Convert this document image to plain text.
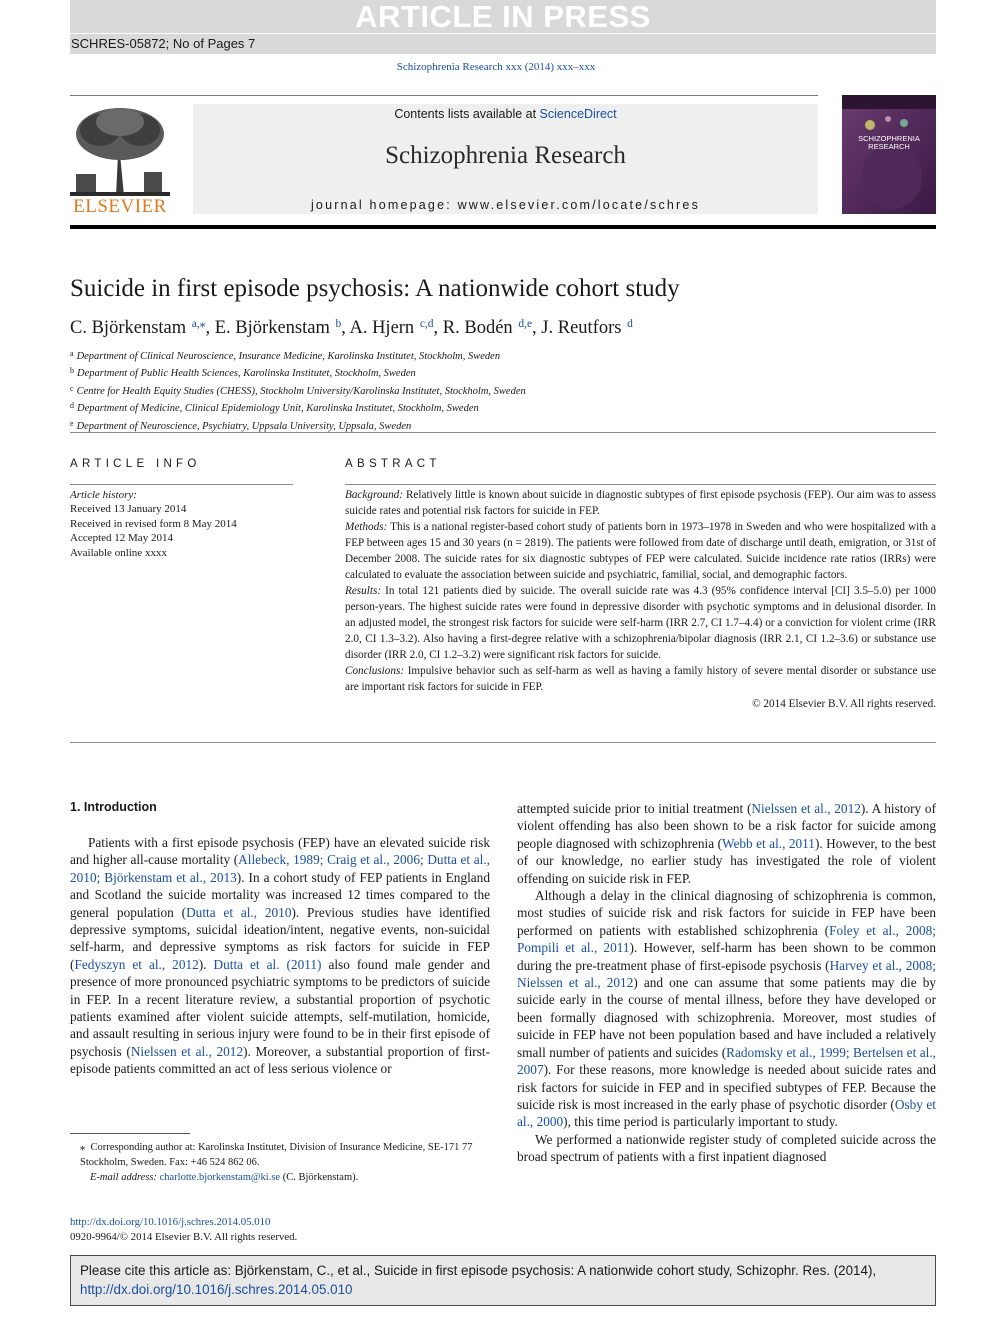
ARTICLE IN PRESS
SCHRES-05872; No of Pages 7
Schizophrenia Research xxx (2014) xxx–xxx
ELSEVIER
Contents lists available at ScienceDirect
Schizophrenia Research
journal homepage: www.elsevier.com/locate/schres
SCHIZOPHRENIA
RESEARCH
Suicide in first episode psychosis: A nationwide cohort study
C. Björkenstam $^{a,⁎}$, E. Björkenstam $^b$, A. Hjern $^{c,d}$, R. Bodén $^{d,e}$, J. Reutfors $^d$
$^a$ Department of Clinical Neuroscience, Insurance Medicine, Karolinska Institutet, Stockholm, Sweden
$^b$ Department of Public Health Sciences, Karolinska Institutet, Stockholm, Sweden
$^c$ Centre for Health Equity Studies (CHESS), Stockholm University/Karolinska Institutet, Stockholm, Sweden
$^d$ Department of Medicine, Clinical Epidemiology Unit, Karolinska Institutet, Stockholm, Sweden
$^e$ Department of Neuroscience, Psychiatry, Uppsala University, Uppsala, Sweden
ARTICLE INFO
Article history:
Received 13 January 2014
Received in revised form 8 May 2014
Accepted 12 May 2014
Available online xxxx
ABSTRACT

Background: Relatively little is known about suicide in diagnostic subtypes of first episode psychosis (FEP). Our aim was to assess suicide rates and potential risk factors for suicide in FEP.

Methods: This is a national register-based cohort study of patients born in 1973–1978 in Sweden and who were hospitalized with a FEP between ages 15 and 30 years (n = 2819). The patients were followed from date of discharge until death, emigration, or 31st of December 2008. The suicide rates for six diagnostic subtypes of FEP were calculated. Suicide incidence rate ratios (IRRs) were calculated to evaluate the association between suicide and psychiatric, familial, social, and demographic factors.

Results: In total 121 patients died by suicide. The overall suicide rate was 4.3 (95% confidence interval [CI] 3.5–5.0) per 1000 person-years. The highest suicide rates were found in depressive disorder with psychotic symptoms and in delusional disorder. In an adjusted model, the strongest risk factors for suicide were self-harm (IRR 2.7, CI 1.7–4.4) or a conviction for violent crime (IRR 2.0, CI 1.3–3.2). Also having a first-degree relative with a schizophrenia/bipolar diagnosis (IRR 2.1, CI 1.2–3.6) or substance use disorder (IRR 2.0, CI 1.2–3.2) were significant risk factors for suicide.

Conclusions: Impulsive behavior such as self-harm as well as having a family history of severe mental disorder or substance use are important risk factors for suicide in FEP.

© 2014 Elsevier B.V. All rights reserved.

1. Introduction

Patients with a first episode psychosis (FEP) have an elevated suicide risk and higher all-cause mortality (Allebeck, 1989; Craig et al., 2006; Dutta et al., 2010; Björkenstam et al., 2013). In a cohort study of FEP patients in England and Scotland the suicide mortality was increased 12 times compared to the general population (Dutta et al., 2010). Previous studies have identified depressive symptoms, suicidal ideation/intent, negative events, non-suicidal self-harm, and depressive symptoms as risk factors for suicide in FEP (Fedyszyn et al., 2012). Dutta et al. (2011) also found male gender and presence of more pronounced psychiatric symptoms to be predictors of suicide in FEP. In a recent literature review, a substantial proportion of psychotic patients examined after violent suicide attempts, self-mutilation, homicide, and assault resulting in serious injury were found to be in their first episode of psychosis (Nielssen et al., 2012). Moreover, a substantial proportion of first-episode patients committed an act of less serious violence or

attempted suicide prior to initial treatment (Nielssen et al., 2012). A history of violent offending has also been shown to be a risk factor for suicide among people diagnosed with schizophrenia (Webb et al., 2011). However, to the best of our knowledge, no earlier study has investigated the role of violent offending on suicide risk in FEP.

Although a delay in the clinical diagnosing of schizophrenia is common, most studies of suicide risk and risk factors for suicide in FEP have been performed on patients with established schizophrenia (Foley et al., 2008; Pompili et al., 2011). However, self-harm has been shown to be common during the pre-treatment phase of first-episode psychosis (Harvey et al., 2008; Nielssen et al., 2012) and one can assume that some patients may die by suicide early in the course of mental illness, before they have developed or been formally diagnosed with schizophrenia. Moreover, most studies of suicide in FEP have not been population based and have included a relatively small number of patients and suicides (Radomsky et al., 1999; Bertelsen et al., 2007). For these reasons, more knowledge is needed about suicide rates and risk factors for suicide in FEP and in specified subtypes of FEP. Because the suicide risk is most increased in the early phase of psychotic disorder (Osby et al., 2000), this time period is particularly important to study.

We performed a nationwide register study of completed suicide across the broad spectrum of patients with a first inpatient diagnosed

⁎ Corresponding author at: Karolinska Institutet, Division of Insurance Medicine, SE-171 77 Stockholm, Sweden. Fax: +46 524 862 06.
E-mail address: charlotte.bjorkenstam@ki.se (C. Björkenstam).
http://dx.doi.org/10.1016/j.schres.2014.05.010
0920-9964/© 2014 Elsevier B.V. All rights reserved.
Please cite this article as: Björkenstam, C., et al., Suicide in first episode psychosis: A nationwide cohort study, Schizophr. Res. (2014), http://dx.doi.org/10.1016/j.schres.2014.05.010
